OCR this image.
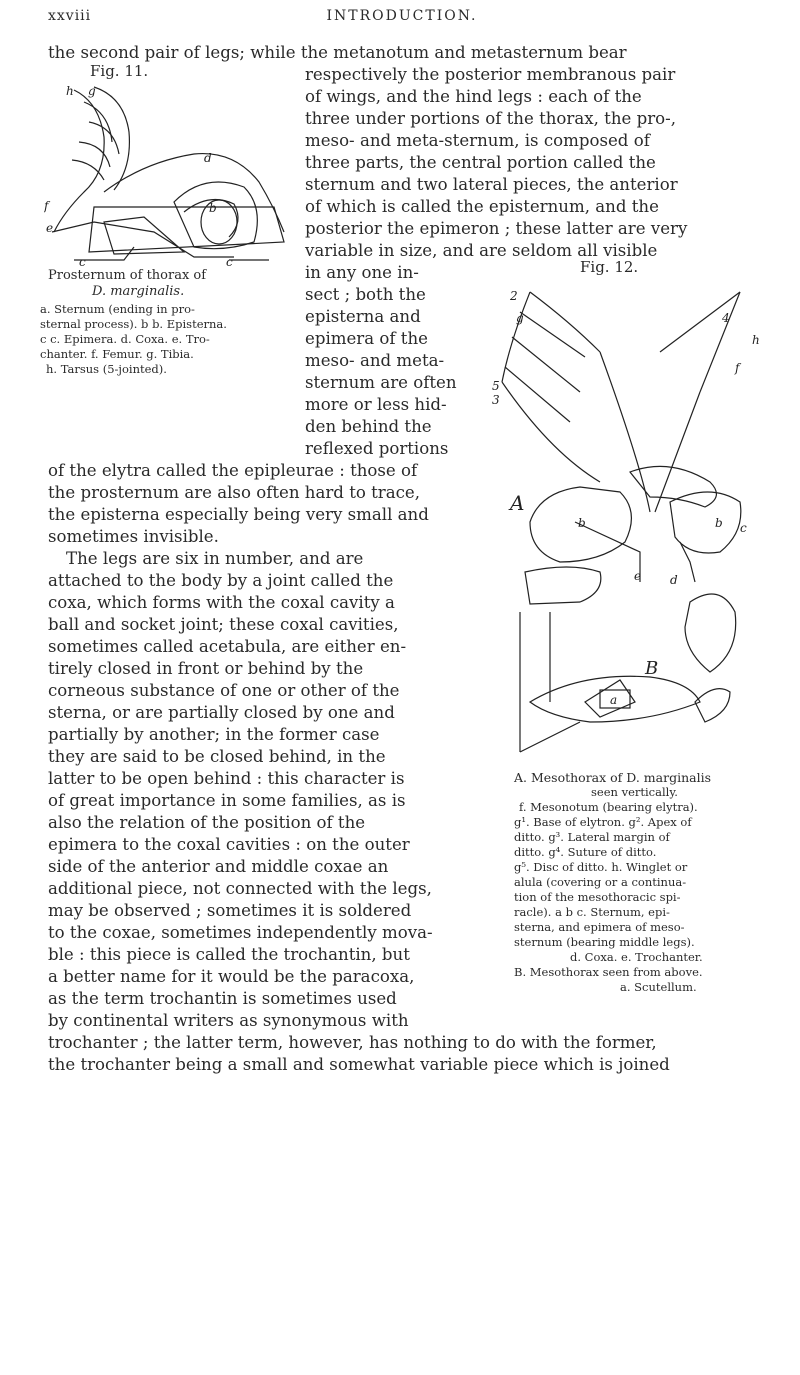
xxviii	INTRODUCTION.
the second pair of legs; while the metanotum and metasternum bear
respectively the posterior membranous pair
of wings, and the hind legs : each of the
three under portions of the thorax, the pro-,
meso- and meta-sternum, is composed of
three parts, the central portion called the
sternum and two lateral pieces, the anterior
of which is called the episternum, and the
posterior the epimeron ; these latter are very
variable in size, and are seldom all visible
in any one in-
sect ; both the
episterna and
epimera of the
meso- and meta-
sternum are often
more or less hid-
den behind the
reflexed portions
of the elytra called the epipleurae : those of
the prosternum are also often hard to trace,
the episterna especially being very small and
sometimes invisible.
The legs are six in number, and are
attached to the body by a joint called the
coxa, which forms with the coxal cavity a
ball and socket joint; these coxal cavities,
sometimes called acetabula, are either en-
tirely closed in front or behind by the
corneous substance of one or other of the
sterna, or are partially closed by one and
partially by another; in the former case
they are said to be closed behind, in the
latter to be open behind : this character is
of great importance in some families, as is
also the relation of the position of the
epimera to the coxal cavities : on the outer
side of the anterior and middle coxae an
additional piece, not connected with the legs,
may be observed ; sometimes it is soldered
to the coxae, sometimes independently mova-
ble : this piece is called the trochantin, but
a better name for it would be the paracoxa,
as the term trochantin is sometimes used
by continental writers as synonymous with
trochanter ; the latter term, however, has nothing to do with the former,
the trochanter being a small and somewhat variable piece which is joined
Fig. 11.
h g
d
f
e
b
c	c
Prosternum of thorax of
D. marginalis.
a. Sternum (ending in pro-
sternal process). b b. Episterna.
c c. Epimera. d. Coxa. e. Tro-
chanter. f. Femur. g. Tibia.
h. Tarsus (5-jointed).
Fig. 12.
2
g	4
5
3
h
f
A
b	b c
e d
B
a
A. Mesothorax of D. marginalis
seen vertically.
f. Mesonotum (bearing elytra).
g¹. Base of elytron. g². Apex of
ditto. g³. Lateral margin of
ditto. g⁴. Suture of ditto.
g⁵. Disc of ditto. h. Winglet or
alula (covering or a continua-
tion of the mesothoracic spi-
racle). a b c. Sternum, epi-
sterna, and epimera of meso-
sternum (bearing middle legs).
d. Coxa. e. Trochanter.
B. Mesothorax seen from above.
a. Scutellum.
